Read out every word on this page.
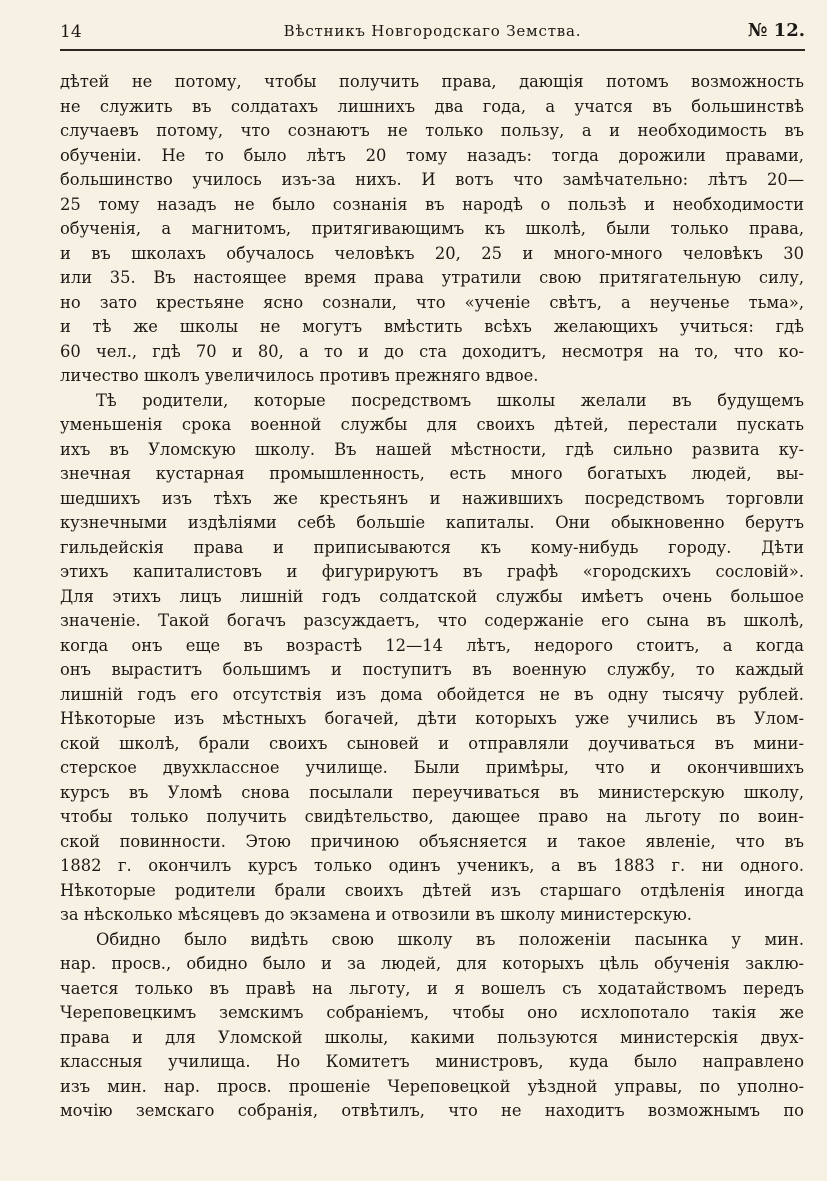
14	Вѣстникъ Новгородскаго Земства.	№ 12.
дѣтей не потому, чтобы получить права, дающія потомъ возможность
не служить въ солдатахъ лишнихъ два года, а учатся въ большинствѣ
случаевъ потому, что сознаютъ не только пользу, а и необходимость въ
обученіи. Не то было лѣтъ 20 тому назадъ: тогда дорожили правами,
большинство училось изъ-за нихъ. И вотъ что замѣчательно: лѣтъ 20—
25 тому назадъ не было сознанія въ народѣ о пользѣ и необходимости
обученія, а магнитомъ, притягивающимъ къ школѣ, были только права,
и въ школахъ обучалось человѣкъ 20, 25 и много-много человѣкъ 30
или 35. Въ настоящее время права утратили свою притягательную силу,
но зато крестьяне ясно сознали, что «ученіе свѣтъ, а неученье тьма»,
и тѣ же школы не могутъ вмѣстить всѣхъ желающихъ учиться: гдѣ
60 чел., гдѣ 70 и 80, а то и до ста доходитъ, несмотря на то, что ко-
личество школъ увеличилось противъ прежняго вдвое.
Тѣ родители, которые посредствомъ школы желали въ будущемъ
уменьшенія срока военной службы для своихъ дѣтей, перестали пускать
ихъ въ Уломскую школу. Въ нашей мѣстности, гдѣ сильно развита ку-
знечная кустарная промышленность, есть много богатыхъ людей, вы-
шедшихъ изъ тѣхъ же крестьянъ и нажившихъ посредствомъ торговли
кузнечными издѣліями себѣ большіе капиталы. Они обыкновенно берутъ
гильдейскія права и приписываются къ кому-нибудь городу. Дѣти
этихъ капиталистовъ и фигурируютъ въ графѣ «городскихъ сословій».
Для этихъ лицъ лишній годъ солдатской службы имѣетъ очень большое
значеніе. Такой богачъ разсуждаетъ, что содержаніе его сына въ школѣ,
когда онъ еще въ возрастѣ 12—14 лѣтъ, недорого стоитъ, а когда
онъ выраститъ большимъ и поступитъ въ военную службу, то каждый
лишній годъ его отсутствія изъ дома обойдется не въ одну тысячу рублей.
Нѣкоторые изъ мѣстныхъ богачей, дѣти которыхъ уже учились въ Улом-
ской школѣ, брали своихъ сыновей и отправляли доучиваться въ мини-
стерское двухклассное училище. Были примѣры, что и окончившихъ
курсъ въ Уломѣ снова посылали переучиваться въ министерскую школу,
чтобы только получить свидѣтельство, дающее право на льготу по воин-
ской повинности. Этою причиною объясняется и такое явленіе, что въ
1882 г. окончилъ курсъ только одинъ ученикъ, а въ 1883 г. ни одного.
Нѣкоторые родители брали своихъ дѣтей изъ старшаго отдѣленія иногда
за нѣсколько мѣсяцевъ до экзамена и отвозили въ школу министерскую.
Обидно было видѣть свою школу въ положеніи пасынка у мин.
нар. просв., обидно было и за людей, для которыхъ цѣль обученія заклю-
чается только въ правѣ на льготу, и я вошелъ съ ходатайствомъ передъ
Череповецкимъ земскимъ собраніемъ, чтобы оно исхлопотало такія же
права и для Уломской школы, какими пользуются министерскія двух-
классныя училища. Но Комитетъ министровъ, куда было направлено
изъ мин. нар. просв. прошеніе Череповецкой уѣздной управы, по уполно-
мочію земскаго собранія, отвѣтилъ, что не находитъ возможнымъ по
